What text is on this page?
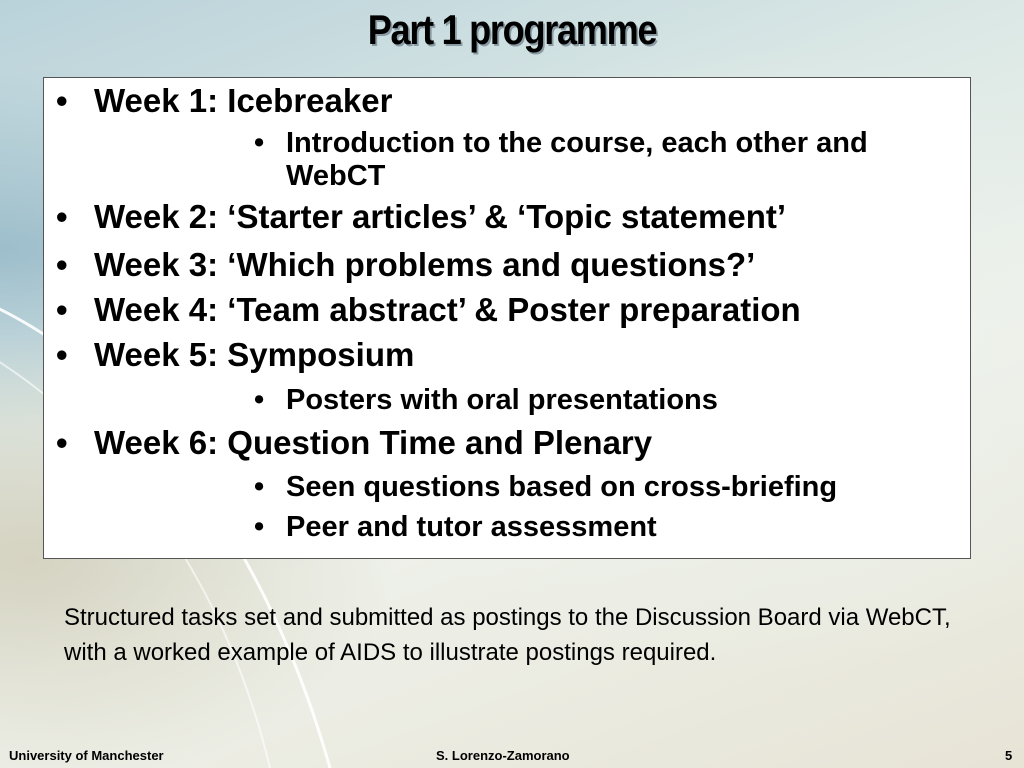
Part 1 programme
• Week 1: Icebreaker
• Introduction to the course, each other and WebCT
• Week 2: ‘Starter articles’ & ‘Topic statement’
• Week 3: ‘Which problems and questions?’
• Week 4: ‘Team abstract’ & Poster preparation
• Week 5: Symposium
• Posters with oral presentations
• Week 6: Question Time and Plenary
• Seen questions based on cross-briefing
• Peer and tutor assessment
Structured tasks set and submitted as postings to the Discussion Board via WebCT, with a worked example of AIDS to illustrate postings required.
University of Manchester	S. Lorenzo-Zamorano	5
